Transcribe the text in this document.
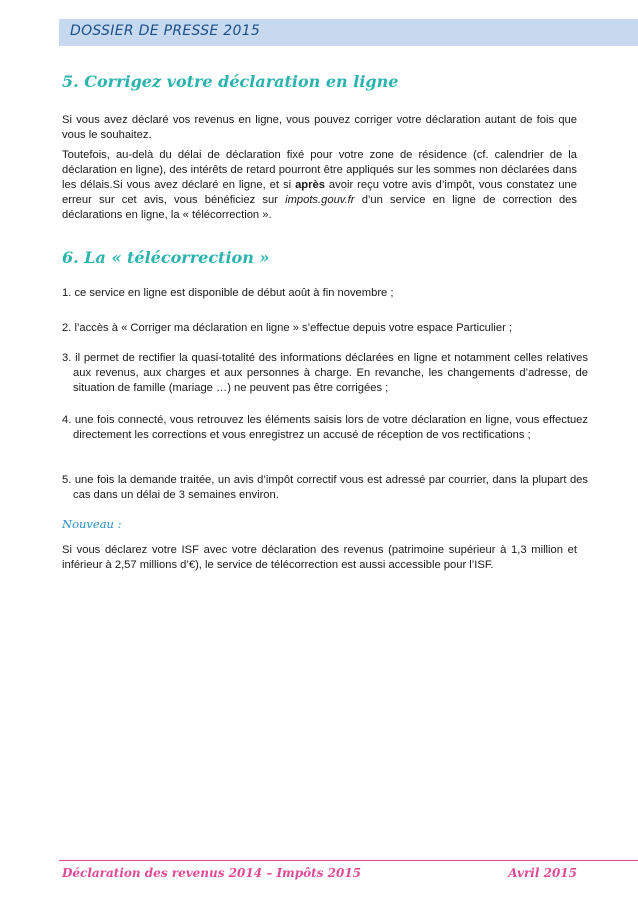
DOSSIER DE PRESSE 2015
5. Corrigez votre déclaration en ligne

Si vous avez déclaré vos revenus en ligne, vous pouvez corriger votre déclaration autant de fois que vous le souhaitez.

Toutefois, au-delà du délai de déclaration fixé pour votre zone de résidence (cf. calendrier de la déclaration en ligne), des intérêts de retard pourront être appliqués sur les sommes non déclarées dans les délais.Si vous avez déclaré en ligne, et si après avoir reçu votre avis d’impôt, vous constatez une erreur sur cet avis, vous bénéficiez sur impots.gouv.fr d’un service en ligne de correction des déclarations en ligne, la « télécorrection ».

6. La « télécorrection »

1. ce service en ligne est disponible de début août à fin novembre ;

2. l’accès à « Corriger ma déclaration en ligne » s’effectue depuis votre espace Particulier ;

3. il permet de rectifier la quasi-totalité des informations déclarées en ligne et notamment celles relatives aux revenus, aux charges et aux personnes à charge. En revanche, les changements d’adresse, de situation de famille (mariage …) ne peuvent pas être corrigées ;

4. une fois connecté, vous retrouvez les éléments saisis lors de votre déclaration en ligne, vous effectuez directement les corrections et vous enregistrez un accusé de réception de vos rectifications ;

5. une fois la demande traitée, un avis d’impôt correctif vous est adressé par courrier, dans la plupart des cas dans un délai de 3 semaines environ.

Nouveau :

Si vous déclarez votre ISF avec votre déclaration des revenus (patrimoine supérieur à 1,3 million et inférieur à 2,57 millions d’€), le service de télécorrection est aussi accessible pour l’ISF.

Déclaration des revenus 2014 – Impôts 2015	Avril 2015
